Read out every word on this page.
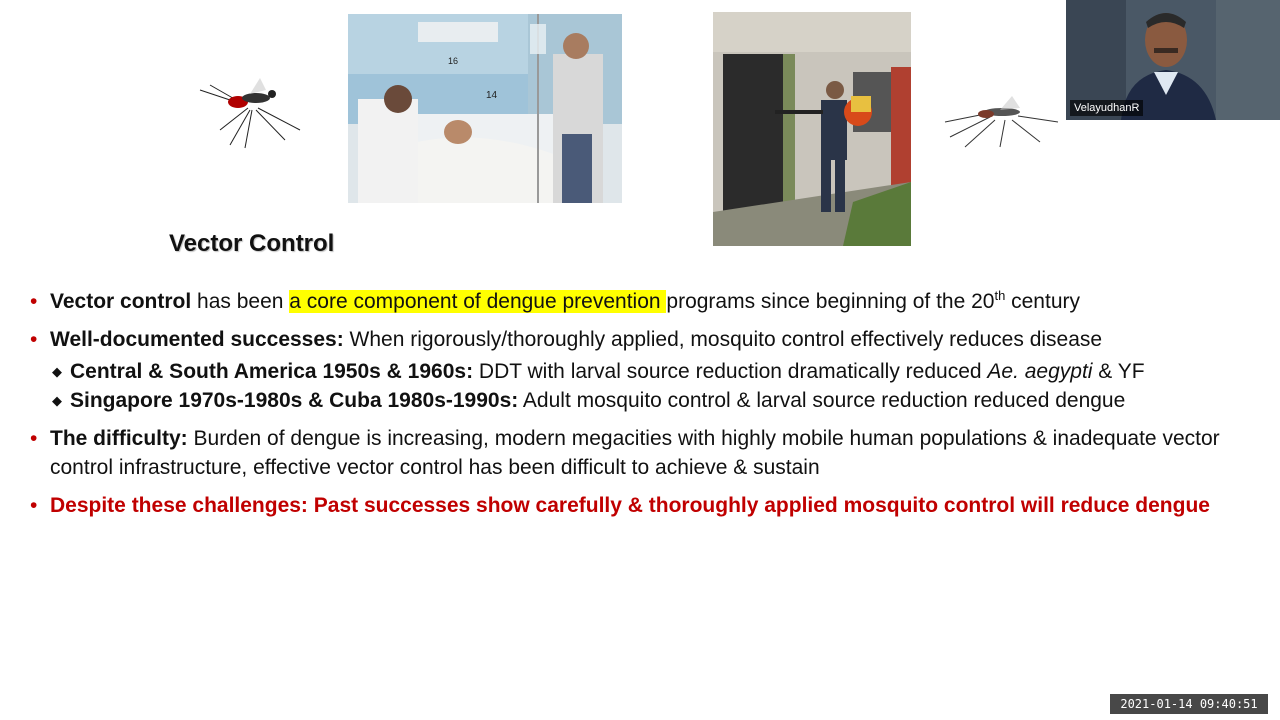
16
14
VelayudhanR
Vector Control
• Vector control has been a core component of dengue prevention programs since beginning of the 20th century
• Well-documented successes: When rigorously/thoroughly applied, mosquito control effectively reduces disease
◆ Central & South America 1950s & 1960s: DDT with larval source reduction dramatically reduced Ae. aegypti & YF
◆ Singapore 1970s-1980s & Cuba 1980s-1990s: Adult mosquito control & larval source reduction reduced dengue
• The difficulty: Burden of dengue is increasing, modern megacities with highly mobile human populations & inadequate vector control infrastructure, effective vector control has been difficult to achieve & sustain
• Despite these challenges: Past successes show carefully & thoroughly applied mosquito control will reduce dengue
2021-01-14 09:40:51
